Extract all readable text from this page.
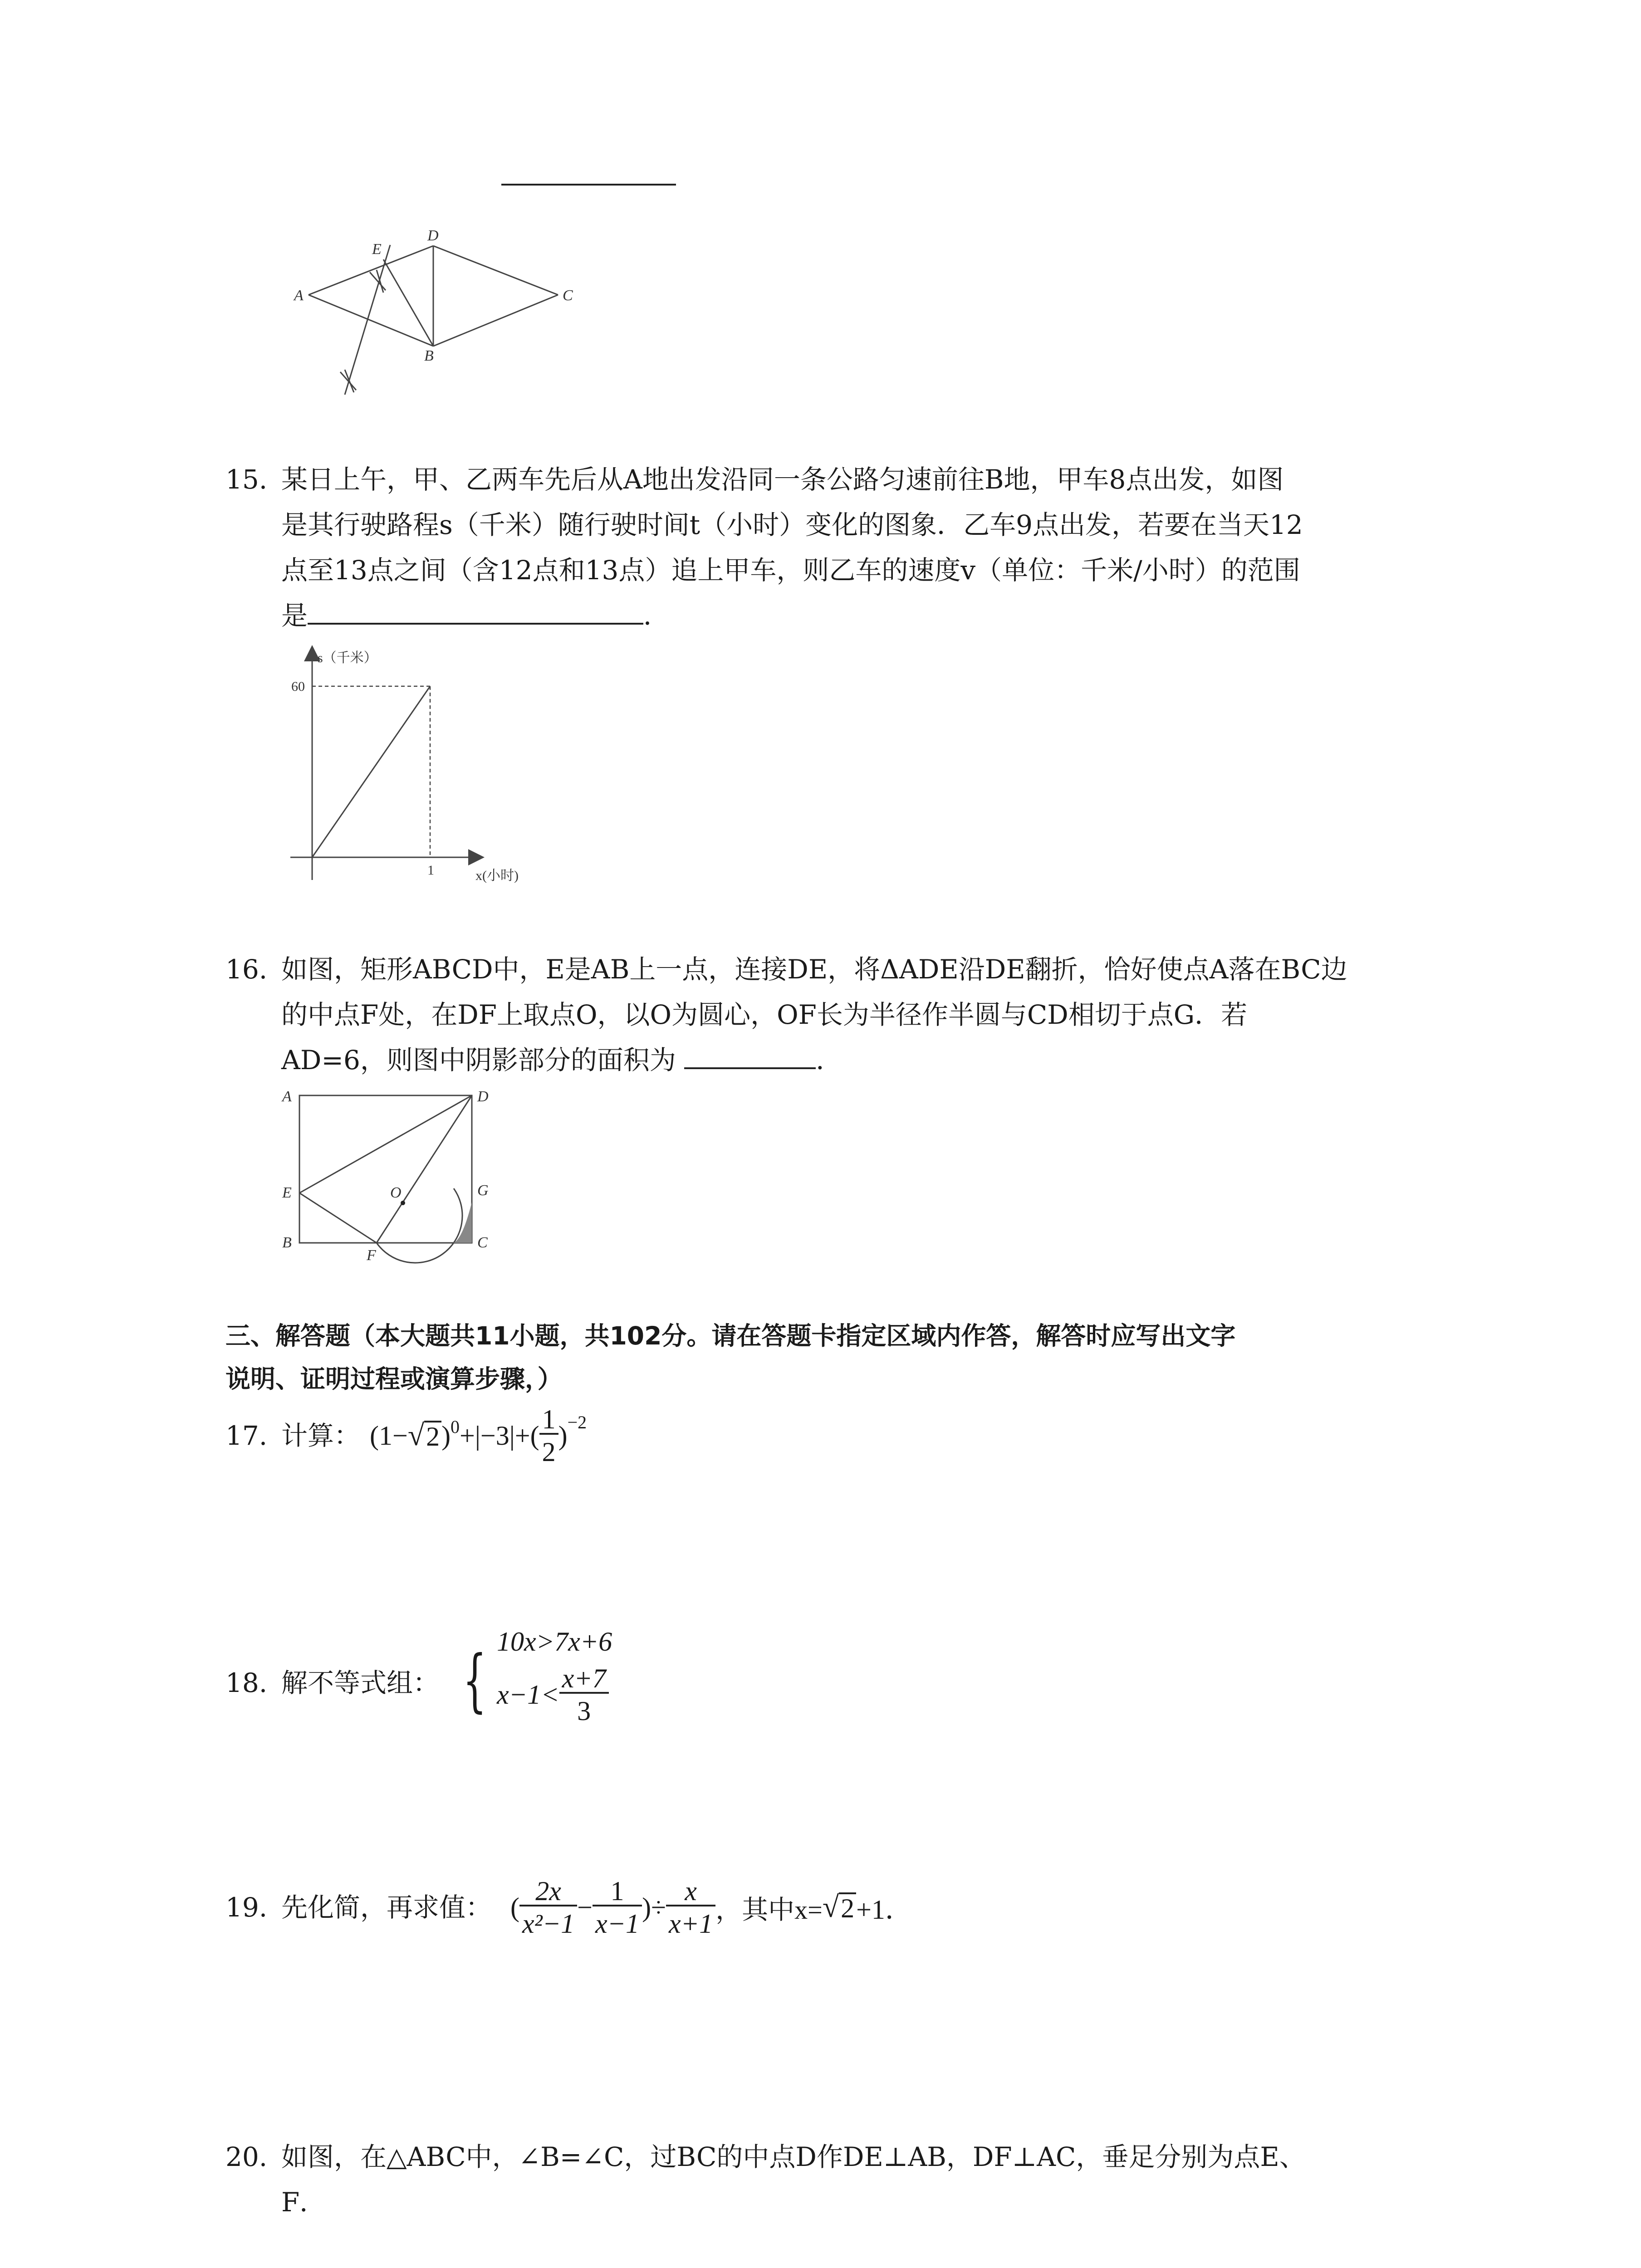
A
E
D
C
B
15. 某日上午，甲、乙两车先后从A地出发沿同一条公路匀速前往B地，甲车8点出发，如图
是其行驶路程s（千米）随行驶时间t（小时）变化的图象．乙车9点出发，若要在当天12
点至13点之间（含12点和13点）追上甲车，则乙车的速度v（单位：千米/小时）的范围
是	．
s（千米）
x(小时)
60
1
16. 如图，矩形ABCD中，E是AB上一点，连接DE，将ΔADE沿DE翻折，恰好使点A落在BC边
的中点F处，在DF上取点O，以O为圆心，OF长为半径作半圆与CD相切于点G．若
AD=6，则图中阴影部分的面积为	．
A	D
E	O	G
B	C
F
三、解答题（本大题共11小题，共102分。请在答题卡指定区域内作答，解答时应写出文字
说明、证明过程或演算步骤，）
17. 计算： (1− √ 2 )$^0 +|-3|+( \frac{1}{2} )^{-2}$
18. 解不等式组： { 10x>7x+6
$x-1< \frac{x+7}{3}$
19. 先化简，再求值： ( $\frac{2x}{\text{x²−1}} - \frac{1}{x-1}$ )÷ $\frac{x}{x+1}$ ，其中x= √ 2 +1．
20. 如图，在△ABC中，∠B=∠C，过BC的中点D作DE⊥AB，DF⊥AC，垂足分别为点E、
F．
